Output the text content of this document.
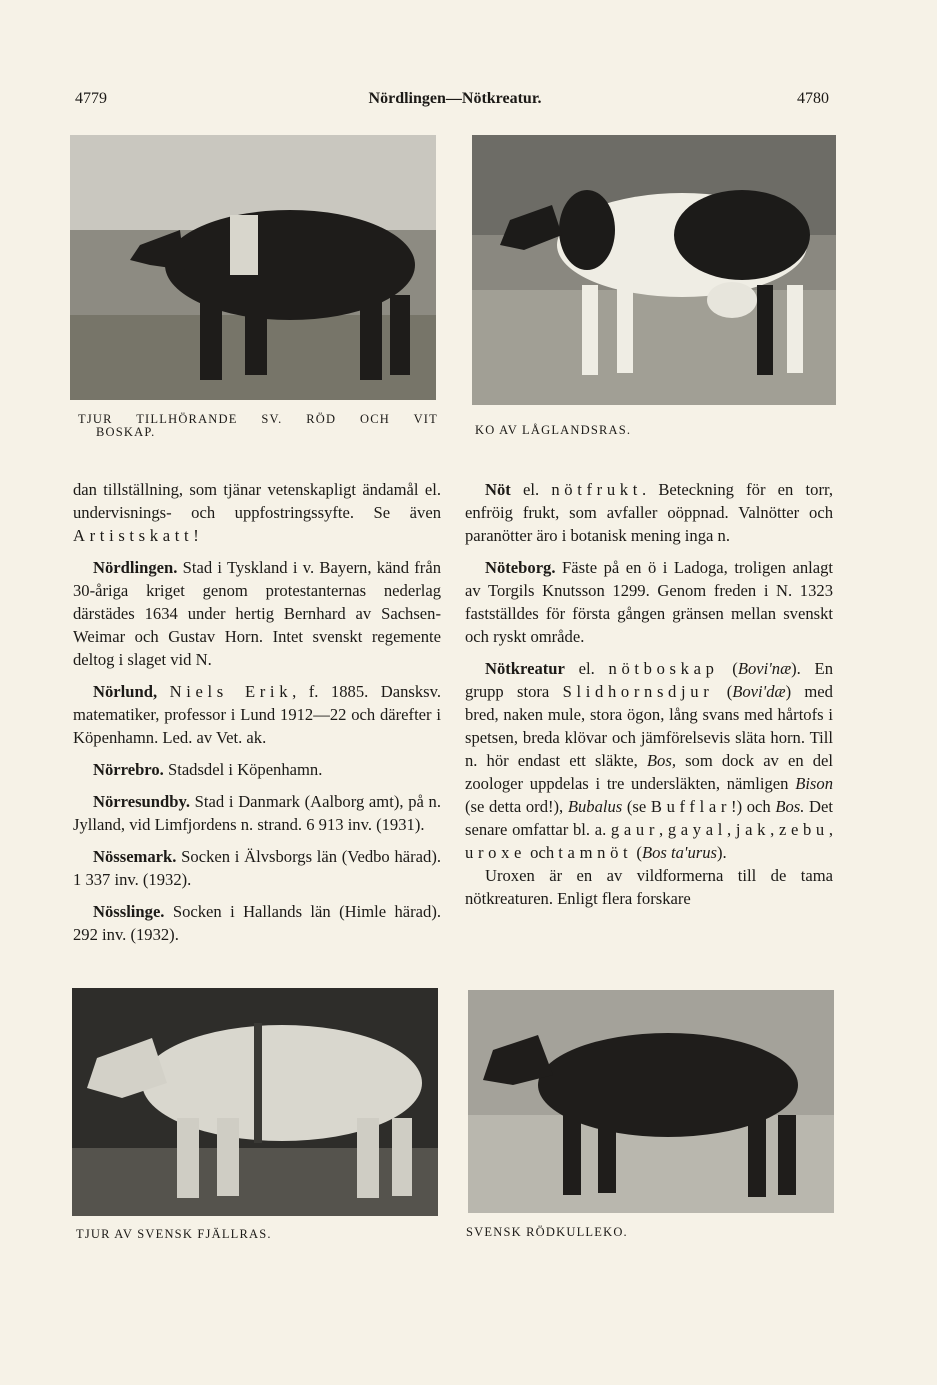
4779	Nördlingen—Nötkreatur.	4780
TJUR TILLHÖRANDE SV. RÖD OCH VIT
BOSKAP.	KO AV LÅGLANDSRAS.

dan tillställning, som tjänar vetenskapligt ändamål el. undervisnings- och uppfostringssyfte. Se även Artistskatt!

Nördlingen. Stad i Tyskland i v. Bayern, känd från 30-åriga kriget genom protestanternas nederlag därstädes 1634 under hertig Bernhard av Sachsen-Weimar och Gustav Horn. Intet svenskt regemente deltog i slaget vid N.

Nörlund, Niels Erik, f. 1885. Dansksv. matematiker, professor i Lund 1912—22 och därefter i Köpenhamn. Led. av Vet. ak.

Nörrebro. Stadsdel i Köpenhamn.

Nörresundby. Stad i Danmark (Aalborg amt), på n. Jylland, vid Limfjordens n. strand. 6 913 inv. (1931).

Nössemark. Socken i Älvsborgs län (Vedbo härad). 1 337 inv. (1932).

Nösslinge. Socken i Hallands län (Himle härad). 292 inv. (1932).

Nöt el. nötfrukt. Beteckning för en torr, enfröig frukt, som avfaller oöppnad. Valnötter och paranötter äro i botanisk mening inga n.

Nöteborg. Fäste på en ö i Ladoga, troligen anlagt av Torgils Knutsson 1299. Genom freden i N. 1323 fastställdes för första gången gränsen mellan svenskt och ryskt område.

Nötkreatur el. nötboskap (Bovi'næ). En grupp stora Slidhornsdjur (Bovi'dæ) med bred, naken mule, stora ögon, lång svans med hårtofs i spetsen, breda klövar och jämförelsevis släta horn. Till n. hör endast ett släkte, Bos, som dock av en del zoologer uppdelas i tre undersläkten, nämligen Bison (se detta ord!), Bubalus (se Bufflar!) och Bos. Det senare omfattar bl. a. gaur, gayal, jak, zebu, uroxe och tamnöt (Bos ta'urus).

Uroxen är en av vildformerna till de tama nötkreaturen. Enligt flera forskare

TJUR AV SVENSK FJÄLLRAS.	SVENSK RÖDKULLEKO.
